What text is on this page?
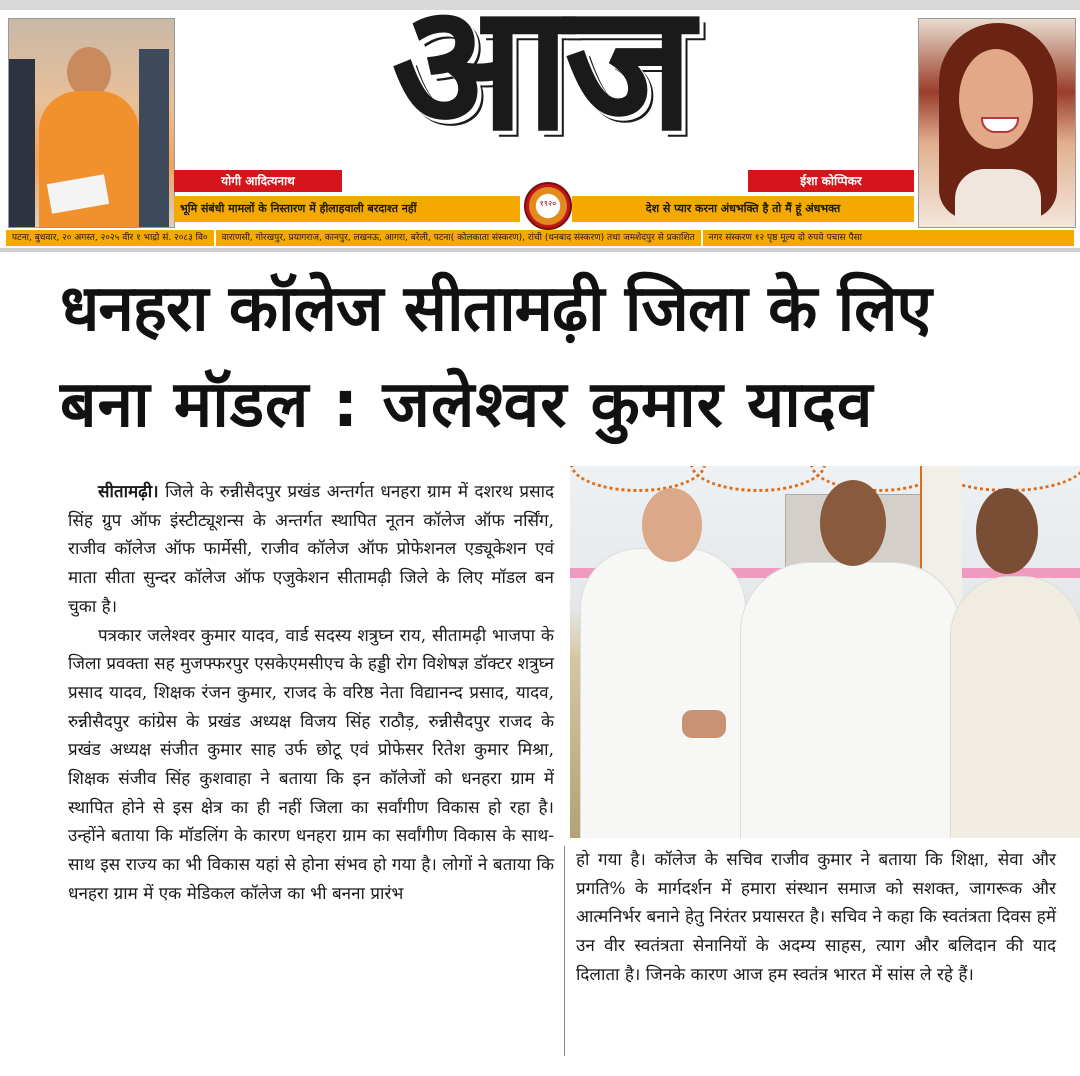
आज
योगी आदित्यनाथ
भूमि संबंधी मामलों के निस्तारण में हीलाहवाली बरदाश्त नहीं
ईशा कोप्पिकर
देश से प्यार करना अंधभक्ति है तो मैं हूं अंधभक्त
१९२०
पटना, बुधवार, २० अगस्त, २०२५ वीर १ भाद्रो सं. २०८३ वि० वाराणसी, गोरखपुर, प्रयागराज, कानपुर, लखनऊ, आगरा, बरेली, पटना( कोलकाता संस्करण), रांची (धनबाद संस्करण) तथा जमशेदपुर से प्रकाशित नगर संस्करण १२ पृष्ठ मूल्य दो रुपये पचास पैसा
धनहरा कॉलेज सीतामढ़ी जिला के लिए
बना मॉडल : जलेश्वर कुमार यादव

सीतामढ़ी। जिले के रुन्नीसैदपुर प्रखंड अन्तर्गत धनहरा ग्राम में दशरथ प्रसाद सिंह ग्रुप ऑफ इंस्टीट्यूशन्स के अन्तर्गत स्थापित नूतन कॉलेज ऑफ नर्सिंग, राजीव कॉलेज ऑफ फार्मेसी, राजीव कॉलेज ऑफ प्रोफेशनल एड्यूकेशन एवं माता सीता सुन्दर कॉलेज ऑफ एजुकेशन सीतामढ़ी जिले के लिए मॉडल बन चुका है।

पत्रकार जलेश्वर कुमार यादव, वार्ड सदस्य शत्रुघ्न राय, सीतामढ़ी भाजपा के जिला प्रवक्ता सह मुजफ्फरपुर एसकेएमसीएच के हड्डी रोग विशेषज्ञ डॉक्टर शत्रुघ्न प्रसाद यादव, शिक्षक रंजन कुमार, राजद के वरिष्ठ नेता विद्यानन्द प्रसाद, यादव, रुन्नीसैदपुर कांग्रेस के प्रखंड अध्यक्ष विजय सिंह राठौड़, रुन्नीसैदपुर राजद के प्रखंड अध्यक्ष संजीत कुमार साह उर्फ छोटू एवं प्रोफेसर रितेश कुमार मिश्रा, शिक्षक संजीव सिंह कुशवाहा ने बताया कि इन कॉलेजों को धनहरा ग्राम में स्थापित होने से इस क्षेत्र का ही नहीं जिला का सर्वांगीण विकास हो रहा है। उन्होंने बताया कि मॉडलिंग के कारण धनहरा ग्राम का सर्वांगीण विकास के साथ-साथ इस राज्य का भी विकास यहां से होना संभव हो गया है। लोगों ने बताया कि धनहरा ग्राम में एक मेडिकल कॉलेज का भी बनना प्रारंभ

हो गया है। कॉलेज के सचिव राजीव कुमार ने बताया कि शिक्षा, सेवा और प्रगति% के मार्गदर्शन में हमारा संस्थान समाज को सशक्त, जागरूक और आत्मनिर्भर बनाने हेतु निरंतर प्रयासरत है। सचिव ने कहा कि स्वतंत्रता दिवस हमें उन वीर स्वतंत्रता सेनानियों के अदम्य साहस, त्याग और बलिदान की याद दिलाता है। जिनके कारण आज हम स्वतंत्र भारत में सांस ले रहे हैं।
